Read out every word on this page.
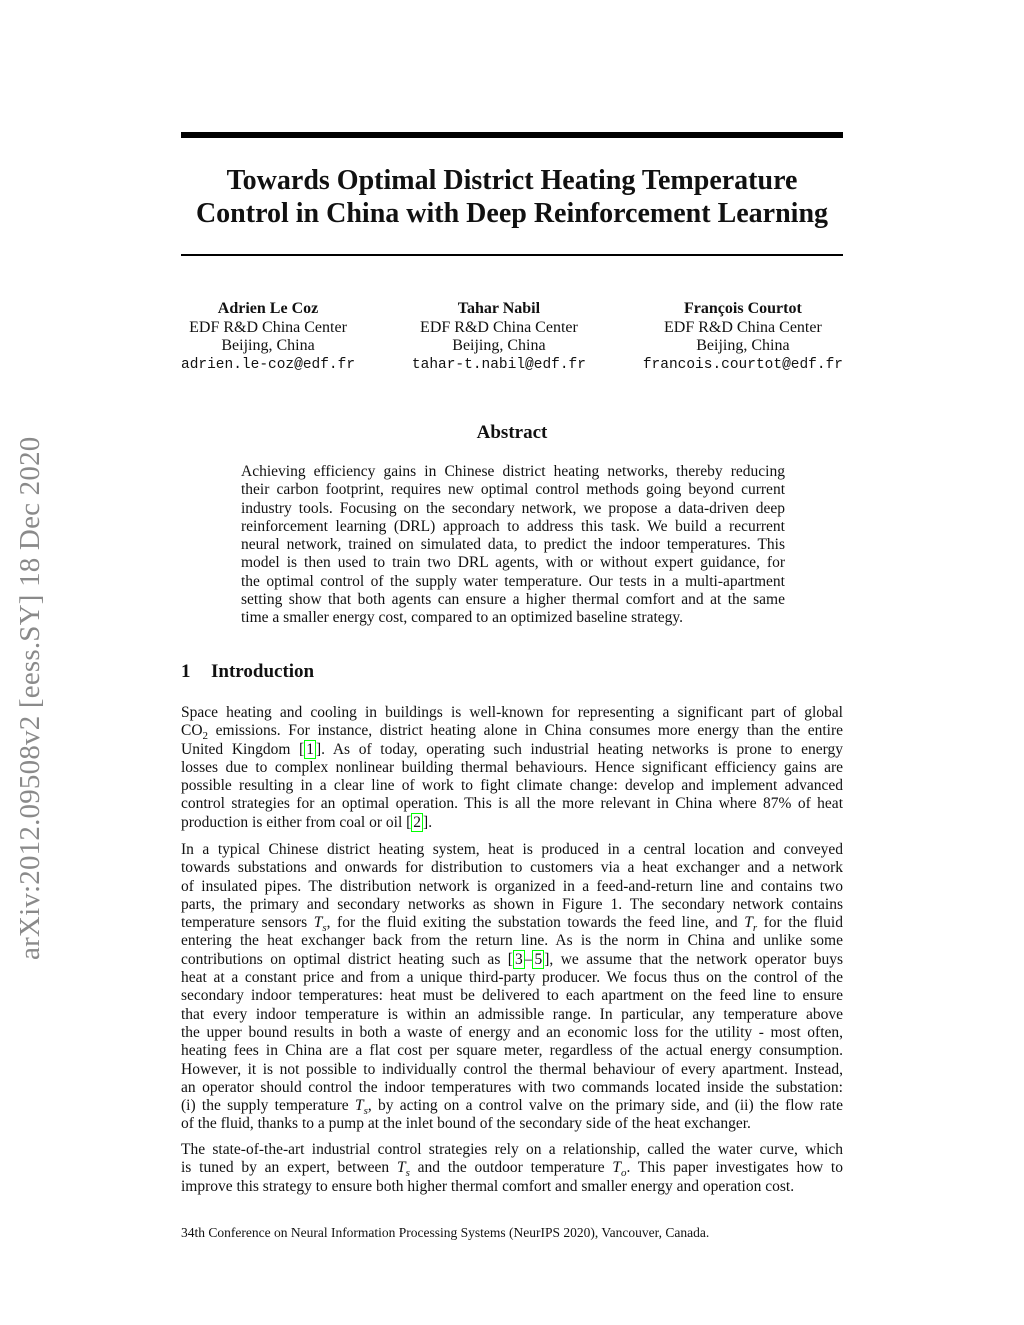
arXiv:2012.09508v2 [eess.SY] 18 Dec 2020
Towards Optimal District Heating Temperature
Control in China with Deep Reinforcement Learning
Adrien Le Coz
EDF R&D China Center
Beijing, China
adrien.le-coz@edf.fr
Tahar Nabil
EDF R&D China Center
Beijing, China
tahar-t.nabil@edf.fr
François Courtot
EDF R&D China Center
Beijing, China
francois.courtot@edf.fr
Abstract
Achieving efficiency gains in Chinese district heating networks, thereby reducing
their carbon footprint, requires new optimal control methods going beyond current
industry tools. Focusing on the secondary network, we propose a data-driven deep
reinforcement learning (DRL) approach to address this task. We build a recurrent
neural network, trained on simulated data, to predict the indoor temperatures. This
model is then used to train two DRL agents, with or without expert guidance, for
the optimal control of the supply water temperature. Our tests in a multi-apartment
setting show that both agents can ensure a higher thermal comfort and at the same
time a smaller energy cost, compared to an optimized baseline strategy.
1 Introduction
Space heating and cooling in buildings is well-known for representing a significant part of global
$CO_2$ emissions. For instance, district heating alone in China consumes more energy than the entire
United Kingdom [ 1 ]. As of today, operating such industrial heating networks is prone to energy
losses due to complex nonlinear building thermal behaviours. Hence significant efficiency gains are
possible resulting in a clear line of work to fight climate change: develop and implement advanced
control strategies for an optimal operation. This is all the more relevant in China where 87% of heat
production is either from coal or oil [ 2 ].
In a typical Chinese district heating system, heat is produced in a central location and conveyed
towards substations and onwards for distribution to customers via a heat exchanger and a network
of insulated pipes. The distribution network is organized in a feed-and-return line and contains two
parts, the primary and secondary networks as shown in Figure 1. The secondary network contains
temperature sensors $T_s$, for the fluid exiting the substation towards the feed line, and $T_r$ for the fluid
entering the heat exchanger back from the return line. As is the norm in China and unlike some
contributions on optimal district heating such as [ 3 – 5 ], we assume that the network operator buys
heat at a constant price and from a unique third-party producer. We focus thus on the control of the
secondary indoor temperatures: heat must be delivered to each apartment on the feed line to ensure
that every indoor temperature is within an admissible range. In particular, any temperature above
the upper bound results in both a waste of energy and an economic loss for the utility - most often,
heating fees in China are a flat cost per square meter, regardless of the actual energy consumption.
However, it is not possible to individually control the thermal behaviour of every apartment. Instead,
an operator should control the indoor temperatures with two commands located inside the substation:
(i) the supply temperature $T_s$, by acting on a control valve on the primary side, and (ii) the flow rate
of the fluid, thanks to a pump at the inlet bound of the secondary side of the heat exchanger.
The state-of-the-art industrial control strategies rely on a relationship, called the water curve, which
is tuned by an expert, between $T_s$ and the outdoor temperature $T_o$. This paper investigates how to
improve this strategy to ensure both higher thermal comfort and smaller energy and operation cost.
34th Conference on Neural Information Processing Systems (NeurIPS 2020), Vancouver, Canada.
